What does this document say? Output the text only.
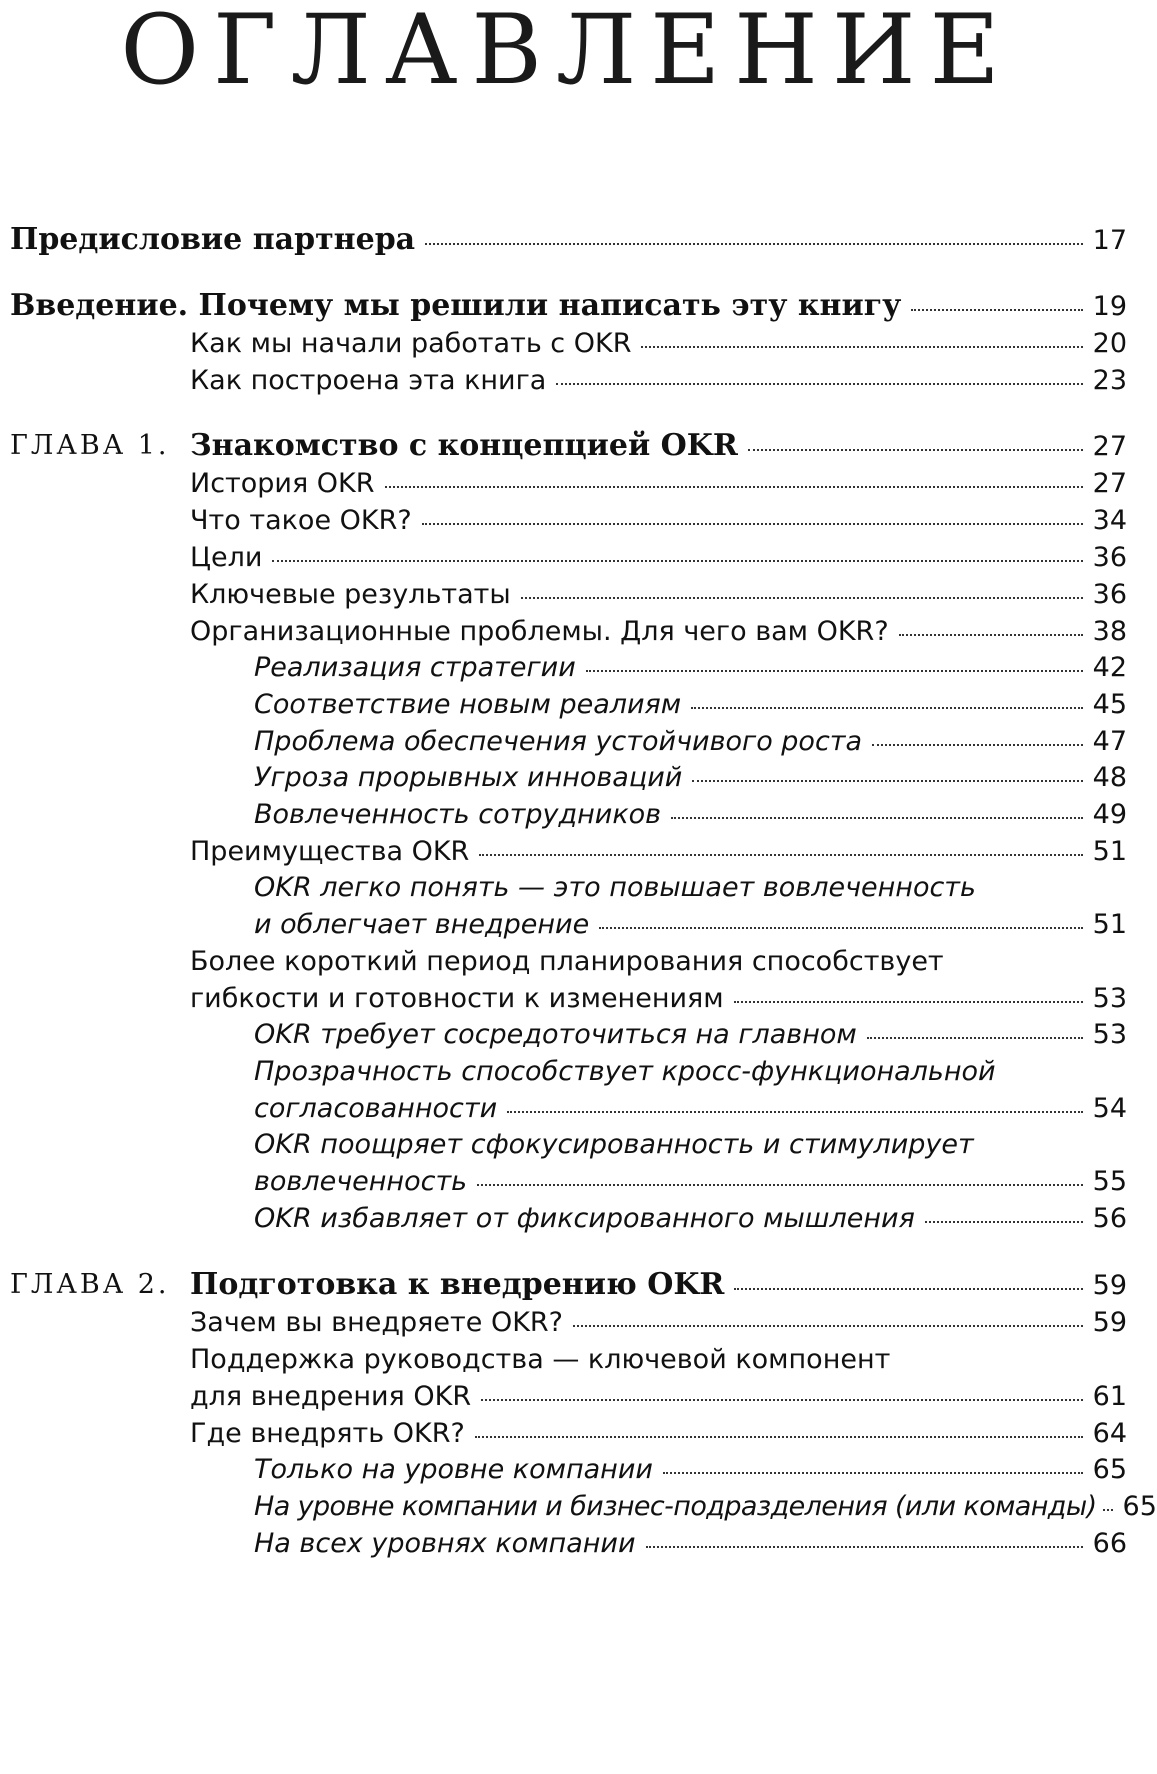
ОГЛАВЛЕНИЕ
Предисловие партнера	17
Введение. Почему мы решили написать эту книгу	19
Как мы начали работать с OKR	20
Как построена эта книга	23
ГЛАВА 1. Знакомство с концепцией OKR	27
История OKR	27
Что такое OKR?	34
Цели	36
Ключевые результаты	36
Организационные проблемы. Для чего вам OKR?	38
Реализация стратегии	42
Соответствие новым реалиям	45
Проблема обеспечения устойчивого роста	47
Угроза прорывных инноваций	48
Вовлеченность сотрудников	49
Преимущества OKR	51
OKR легко понять — это повышает вовлеченность
и облегчает внедрение	51
Более короткий период планирования способствует
гибкости и готовности к изменениям	53
OKR требует сосредоточиться на главном	53
Прозрачность способствует кросс-функциональной
согласованности	54
OKR поощряет сфокусированность и стимулирует
вовлеченность	55
OKR избавляет от фиксированного мышления	56
ГЛАВА 2. Подготовка к внедрению OKR	59
Зачем вы внедряете OKR?	59
Поддержка руководства — ключевой компонент
для внедрения OKR	61
Где внедрять OKR?	64
Только на уровне компании	65
На уровне компании и бизнес-подразделения (или команды) 65
На всех уровнях компании	66
